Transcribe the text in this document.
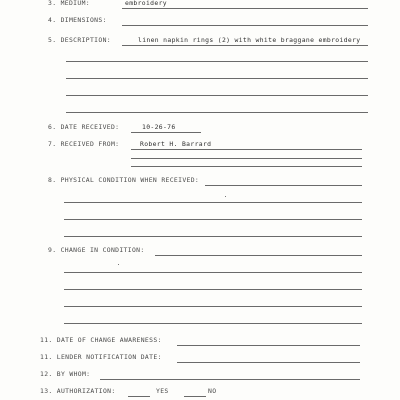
3. MEDIUM:	embroidery
4. DIMENSIONS:
5. DESCRIPTION:	linen napkin rings (2) with white braggane embroidery
6. DATE RECEIVED:	10-26-76
7. RECEIVED FROM:	Robert H. Barrard
8. PHYSICAL CONDITION WHEN RECEIVED:
9. CHANGE IN CONDITION:
11. DATE OF CHANGE AWARENESS:
11. LENDER NOTIFICATION DATE:
12. BY WHOM:
13. AUTHORIZATION:	YES	NO
